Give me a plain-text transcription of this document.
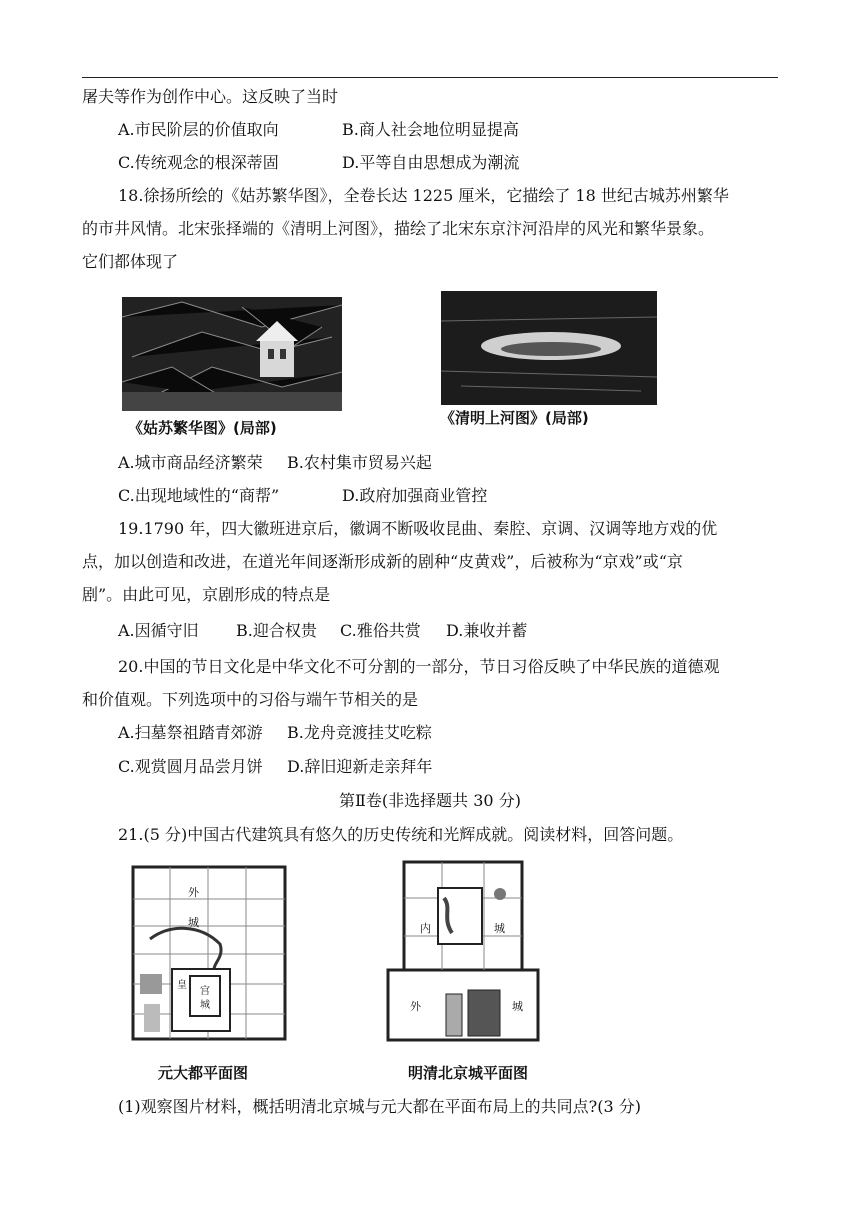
屠夫等作为创作中心。这反映了当时
A.市民阶层的价值取向	B.商人社会地位明显提高
C.传统观念的根深蒂固	D.平等自由思想成为潮流
18.徐扬所绘的《姑苏繁华图》，全卷长达 1225 厘米，它描绘了 18 世纪古城苏州繁华
的市井风情。北宋张择端的《清明上河图》，描绘了北宋东京汴河沿岸的风光和繁华景象。
它们都体现了
《姑苏繁华图》(局部)
《清明上河图》(局部)
A.城市商品经济繁荣 B.农村集市贸易兴起
C.出现地域性的“商帮”	D.政府加强商业管控
19.1790 年，四大徽班进京后，徽调不断吸收昆曲、秦腔、京调、汉调等地方戏的优
点，加以创造和改进，在道光年间逐渐形成新的剧种“皮黄戏”，后被称为“京戏”或“京
剧”。由此可见，京剧形成的特点是
A.因循守旧 B.迎合权贵 C.雅俗共赏 D.兼收并蓄
20.中国的节日文化是中华文化不可分割的一部分，节日习俗反映了中华民族的道德观
和价值观。下列选项中的习俗与端午节相关的是
A.扫墓祭祖踏青郊游 B.龙舟竞渡挂艾吃粽
C.观赏圆月品尝月饼 D.辞旧迎新走亲拜年
第Ⅱ卷(非选择题共 30 分)
21.(5 分)中国古代建筑具有悠久的历史传统和光辉成就。阅读材料，回答问题。
外
城
皇
宫
城
内	城
外	城
元大都平面图	明清北京城平面图
(1)观察图片材料，概括明清北京城与元大都在平面布局上的共同点?(3 分)
